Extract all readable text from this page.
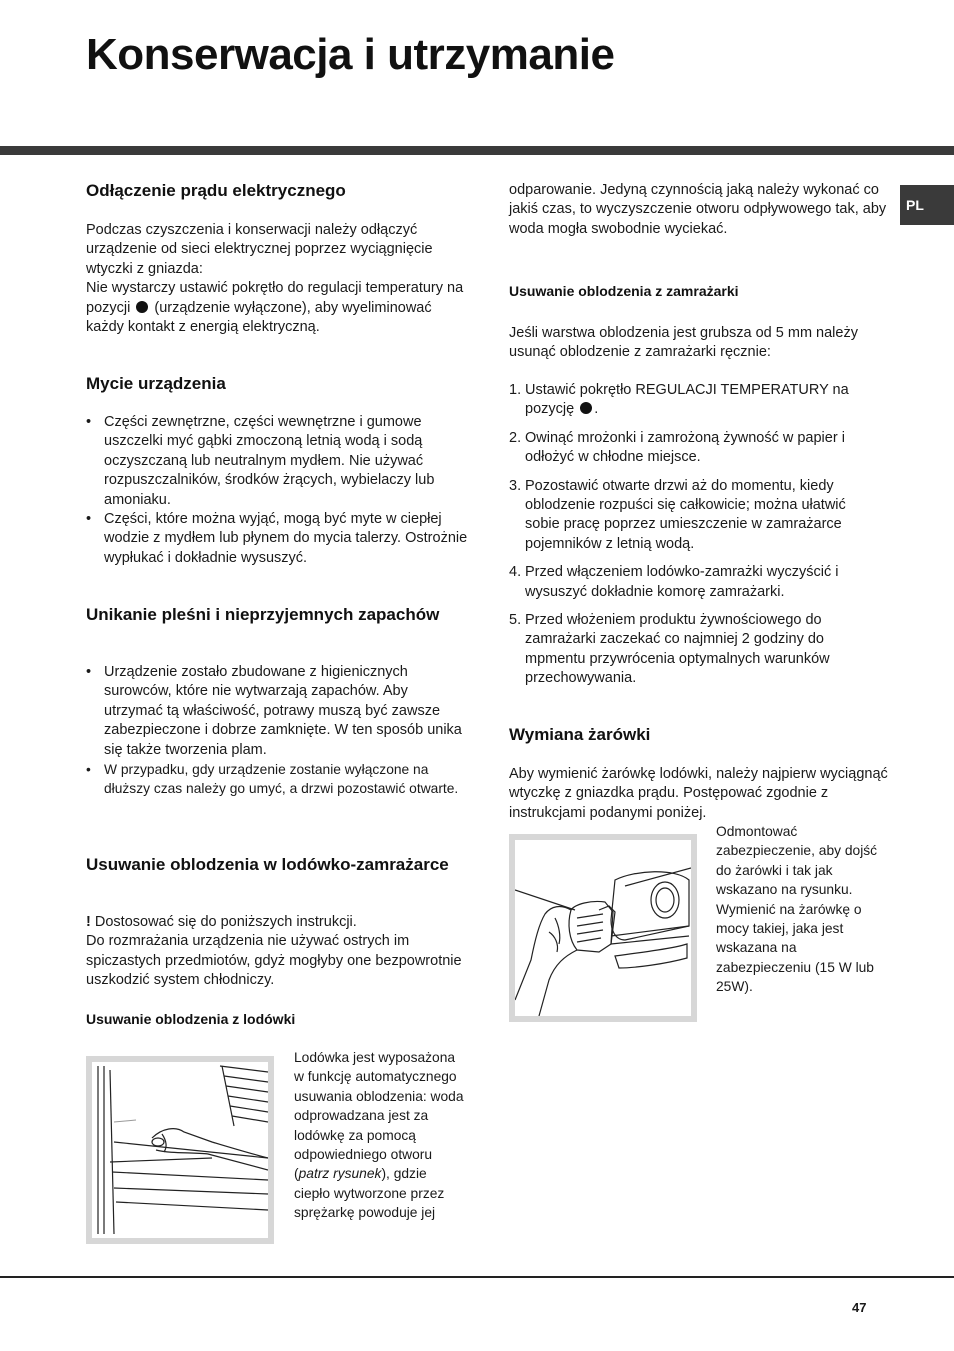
Konserwacja i utrzymanie
PL
Odłączenie prądu elektrycznego

Podczas czyszczenia i konserwacji należy odłączyć urządzenie od sieci elektrycznej poprzez wyciągnięcie wtyczki z gniazda:

Nie wystarczy ustawić pokrętło do regulacji temperatury na pozycji (urządzenie wyłączone), aby wyeliminować każdy kontakt z energią elektryczną.

Mycie urządzenia
• Części zewnętrzne, części wewnętrzne i gumowe uszczelki myć gąbki zmoczoną letnią wodą i sodą oczyszczaną lub neutralnym mydłem. Nie używać rozpuszczalników, środków żrących, wybielaczy lub amoniaku.
• Części, które można wyjąć, mogą być myte w ciepłej wodzie z mydłem lub płynem do mycia talerzy. Ostrożnie wypłukać i dokładnie wysuszyć.
Unikanie pleśni i nieprzyjemnych zapachów
• Urządzenie zostało zbudowane z higienicznych surowców, które nie wytwarzają zapachów. Aby utrzymać tą właściwość, potrawy muszą być zawsze zabezpieczone i dobrze zamknięte. W ten sposób unika się także tworzenia plam.
• W przypadku, gdy urządzenie zostanie wyłączone na dłuższy czas należy go umyć, a drzwi pozostawić otwarte.
Usuwanie oblodzenia w lodówko-zamrażarce

! Dostosować się do poniższych instrukcji.

Do rozmrażania urządzenia nie używać ostrych im spiczastych przedmiotów, gdyż mogłyby one bezpowrotnie uszkodzić system chłodniczy.

Usuwanie oblodzenia z lodówki
Lodówka jest wyposażona w funkcję automatycznego usuwania oblodzenia: woda odprowadzana jest za lodówkę za pomocą odpowiedniego otworu (patrz rysunek), gdzie ciepło wytworzone przez sprężarkę powoduje jej

odparowanie. Jedyną czynnością jaką należy wykonać co jakiś czas, to wyczyszczenie otworu odpływowego tak, aby woda mogła swobodnie wyciekać.

Usuwanie oblodzenia z zamrażarki

Jeśli warstwa oblodzenia jest grubsza od 5 mm należy usunąć oblodzenie z zamrażarki ręcznie:

1. Ustawić pokrętło REGULACJI TEMPERATURY na pozycję .
2. Owinąć mrożonki i zamrożoną żywność w papier i odłożyć w chłodne miejsce.
3. Pozostawić otwarte drzwi aż do momentu, kiedy oblodzenie rozpuści się całkowicie; można ułatwić sobie pracę poprzez umieszczenie w zamrażarce pojemników z letnią wodą.
4. Przed włączeniem lodówko-zamrażki wyczyścić i wysuszyć dokładnie komorę zamrażarki.
5. Przed włożeniem produktu żywnościowego do zamrażarki zaczekać co najmniej 2 godziny do mpmentu przywrócenia optymalnych warunków przechowywania.
Wymiana żarówki

Aby wymienić żarówkę lodówki, należy najpierw wyciągnąć wtyczkę z gniazdka prądu. Postępować zgodnie z instrukcjami podanymi poniżej.

Odmontować zabezpieczenie, aby dojść do żarówki i tak jak wskazano na rysunku. Wymienić na żarówkę o mocy takiej, jaka jest wskazana na zabezpieczeniu (15 W lub 25W).

47
